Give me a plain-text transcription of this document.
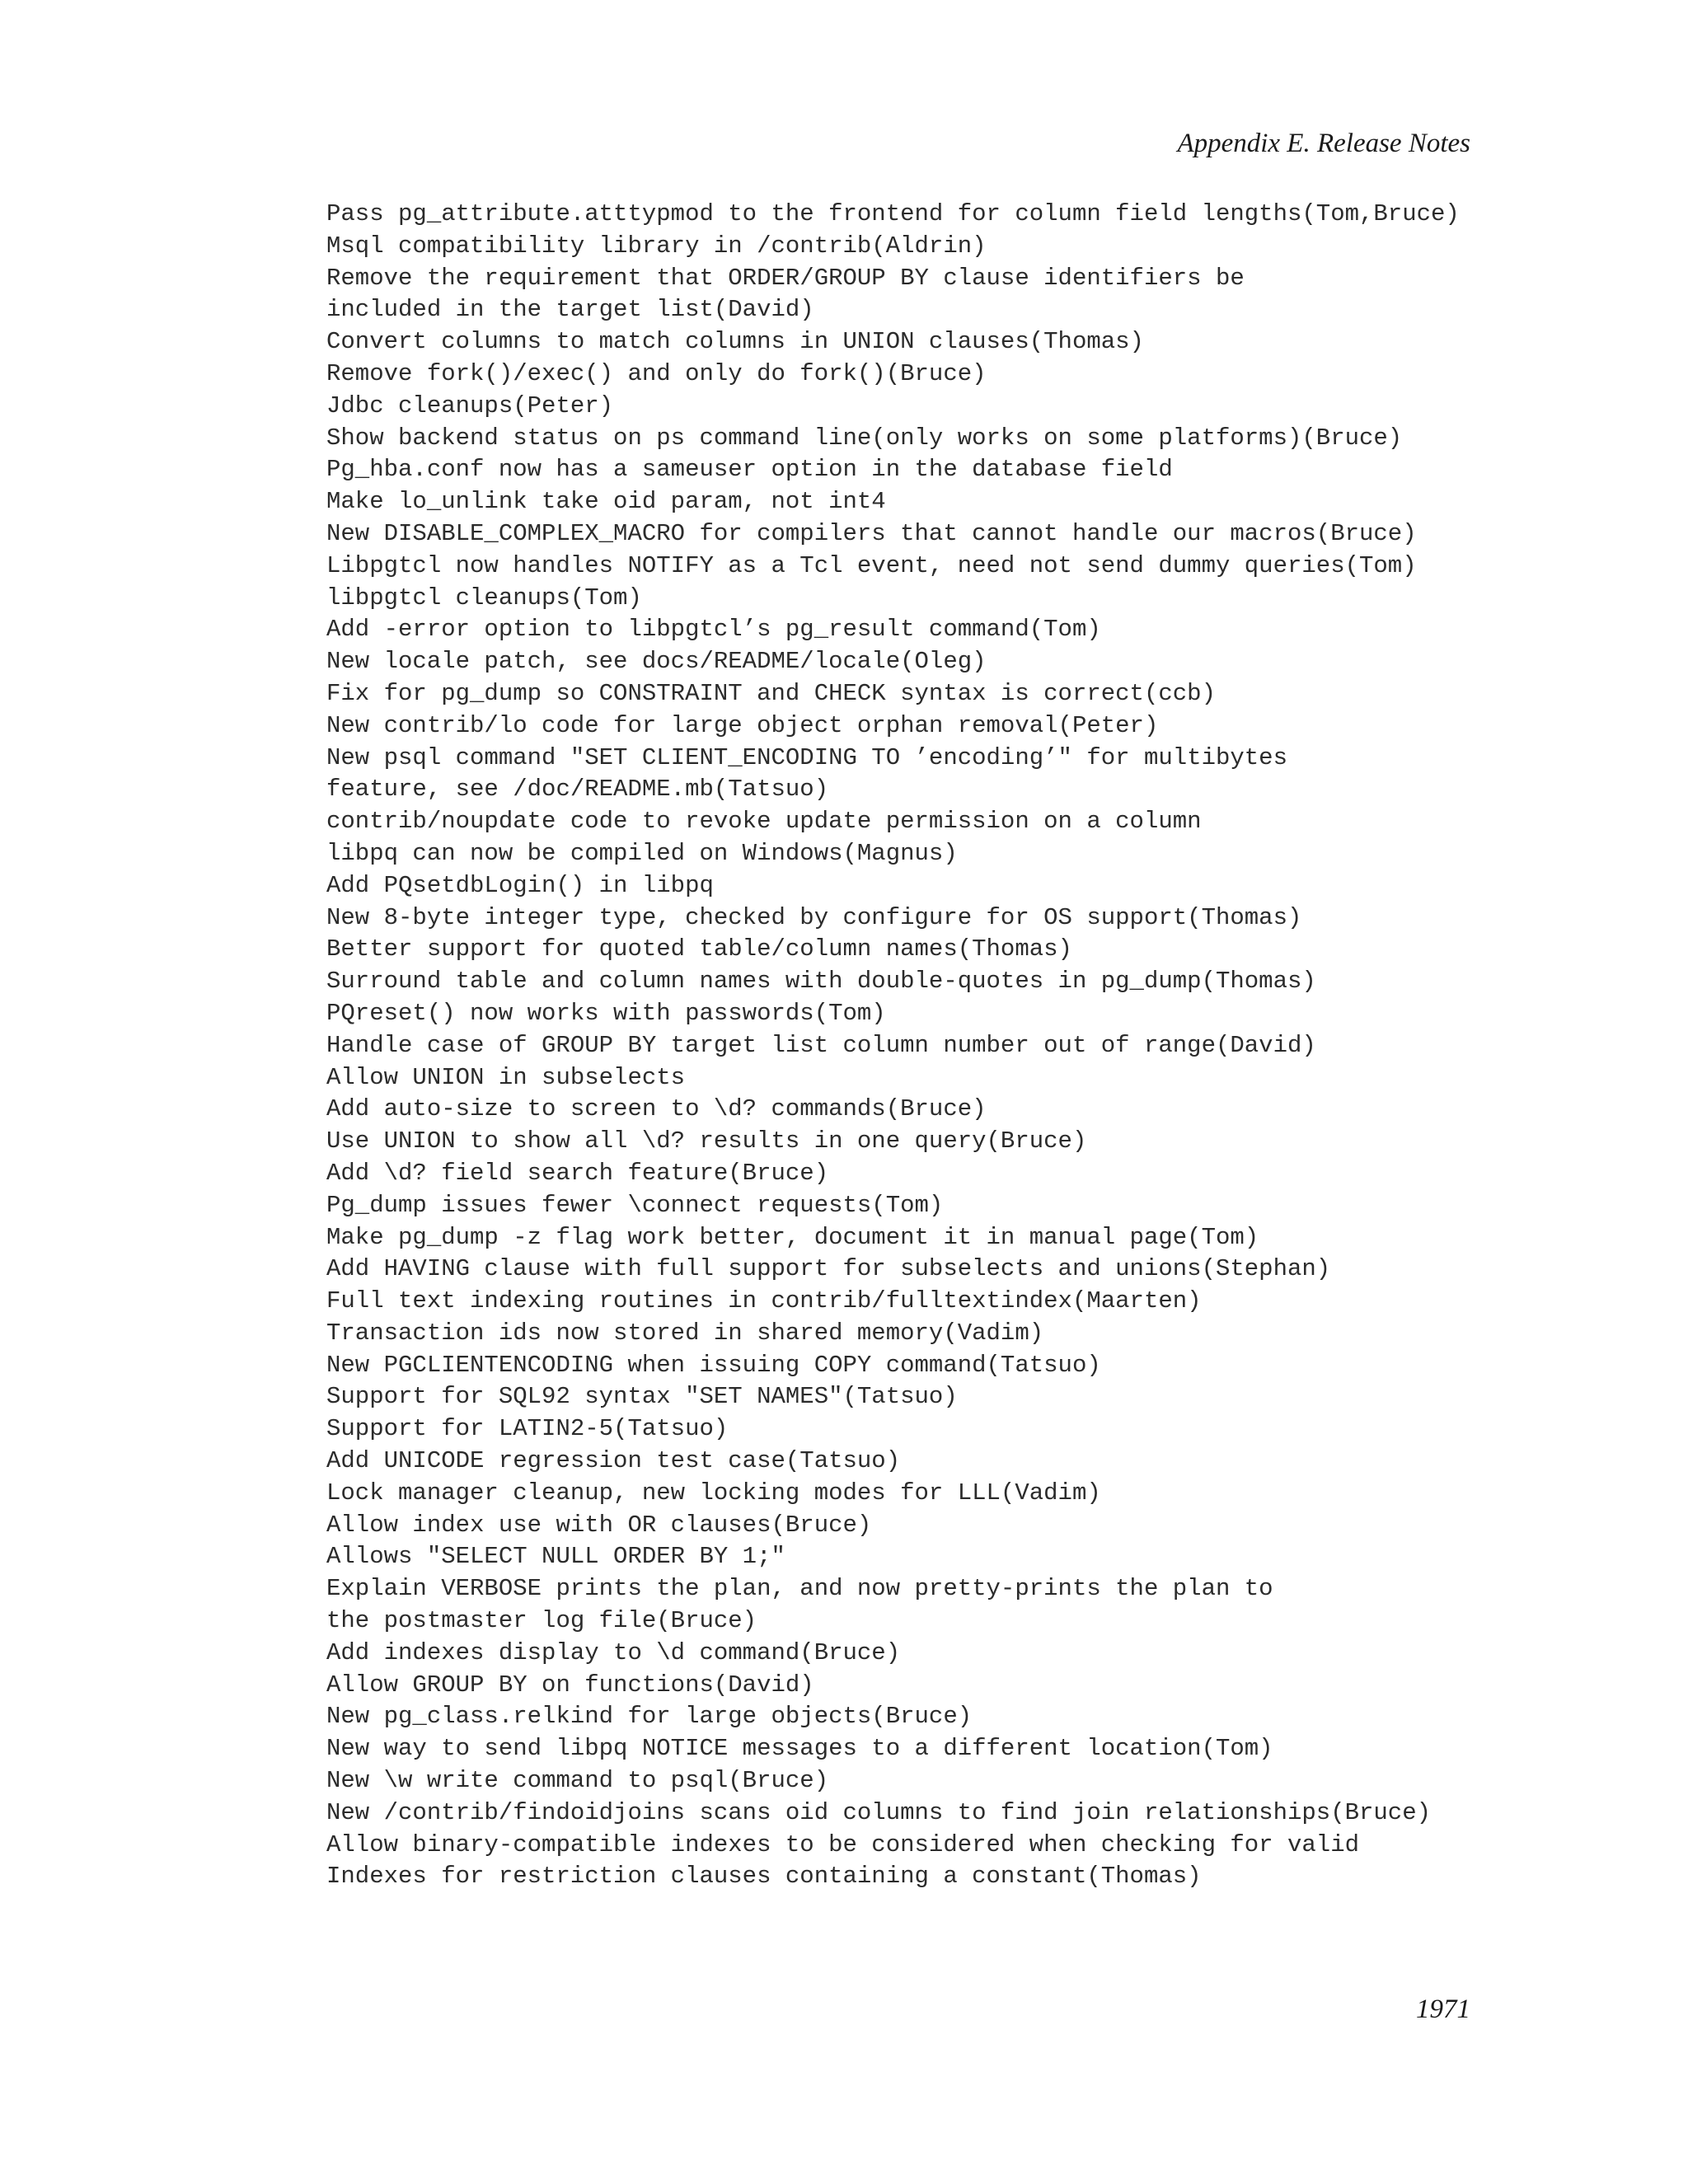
Appendix E. Release Notes
Pass pg_attribute.atttypmod to the frontend for column field lengths(Tom,Bruce)
Msql compatibility library in /contrib(Aldrin)
Remove the requirement that ORDER/GROUP BY clause identifiers be
included in the target list(David)
Convert columns to match columns in UNION clauses(Thomas)
Remove fork()/exec() and only do fork()(Bruce)
Jdbc cleanups(Peter)
Show backend status on ps command line(only works on some platforms)(Bruce)
Pg_hba.conf now has a sameuser option in the database field
Make lo_unlink take oid param, not int4
New DISABLE_COMPLEX_MACRO for compilers that cannot handle our macros(Bruce)
Libpgtcl now handles NOTIFY as a Tcl event, need not send dummy queries(Tom)
libpgtcl cleanups(Tom)
Add -error option to libpgtcl’s pg_result command(Tom)
New locale patch, see docs/README/locale(Oleg)
Fix for pg_dump so CONSTRAINT and CHECK syntax is correct(ccb)
New contrib/lo code for large object orphan removal(Peter)
New psql command "SET CLIENT_ENCODING TO ’encoding’" for multibytes
feature, see /doc/README.mb(Tatsuo)
contrib/noupdate code to revoke update permission on a column
libpq can now be compiled on Windows(Magnus)
Add PQsetdbLogin() in libpq
New 8-byte integer type, checked by configure for OS support(Thomas)
Better support for quoted table/column names(Thomas)
Surround table and column names with double-quotes in pg_dump(Thomas)
PQreset() now works with passwords(Tom)
Handle case of GROUP BY target list column number out of range(David)
Allow UNION in subselects
Add auto-size to screen to \d? commands(Bruce)
Use UNION to show all \d? results in one query(Bruce)
Add \d? field search feature(Bruce)
Pg_dump issues fewer \connect requests(Tom)
Make pg_dump -z flag work better, document it in manual page(Tom)
Add HAVING clause with full support for subselects and unions(Stephan)
Full text indexing routines in contrib/fulltextindex(Maarten)
Transaction ids now stored in shared memory(Vadim)
New PGCLIENTENCODING when issuing COPY command(Tatsuo)
Support for SQL92 syntax "SET NAMES"(Tatsuo)
Support for LATIN2-5(Tatsuo)
Add UNICODE regression test case(Tatsuo)
Lock manager cleanup, new locking modes for LLL(Vadim)
Allow index use with OR clauses(Bruce)
Allows "SELECT NULL ORDER BY 1;"
Explain VERBOSE prints the plan, and now pretty-prints the plan to
the postmaster log file(Bruce)
Add indexes display to \d command(Bruce)
Allow GROUP BY on functions(David)
New pg_class.relkind for large objects(Bruce)
New way to send libpq NOTICE messages to a different location(Tom)
New \w write command to psql(Bruce)
New /contrib/findoidjoins scans oid columns to find join relationships(Bruce)
Allow binary-compatible indexes to be considered when checking for valid
Indexes for restriction clauses containing a constant(Thomas)
1971
